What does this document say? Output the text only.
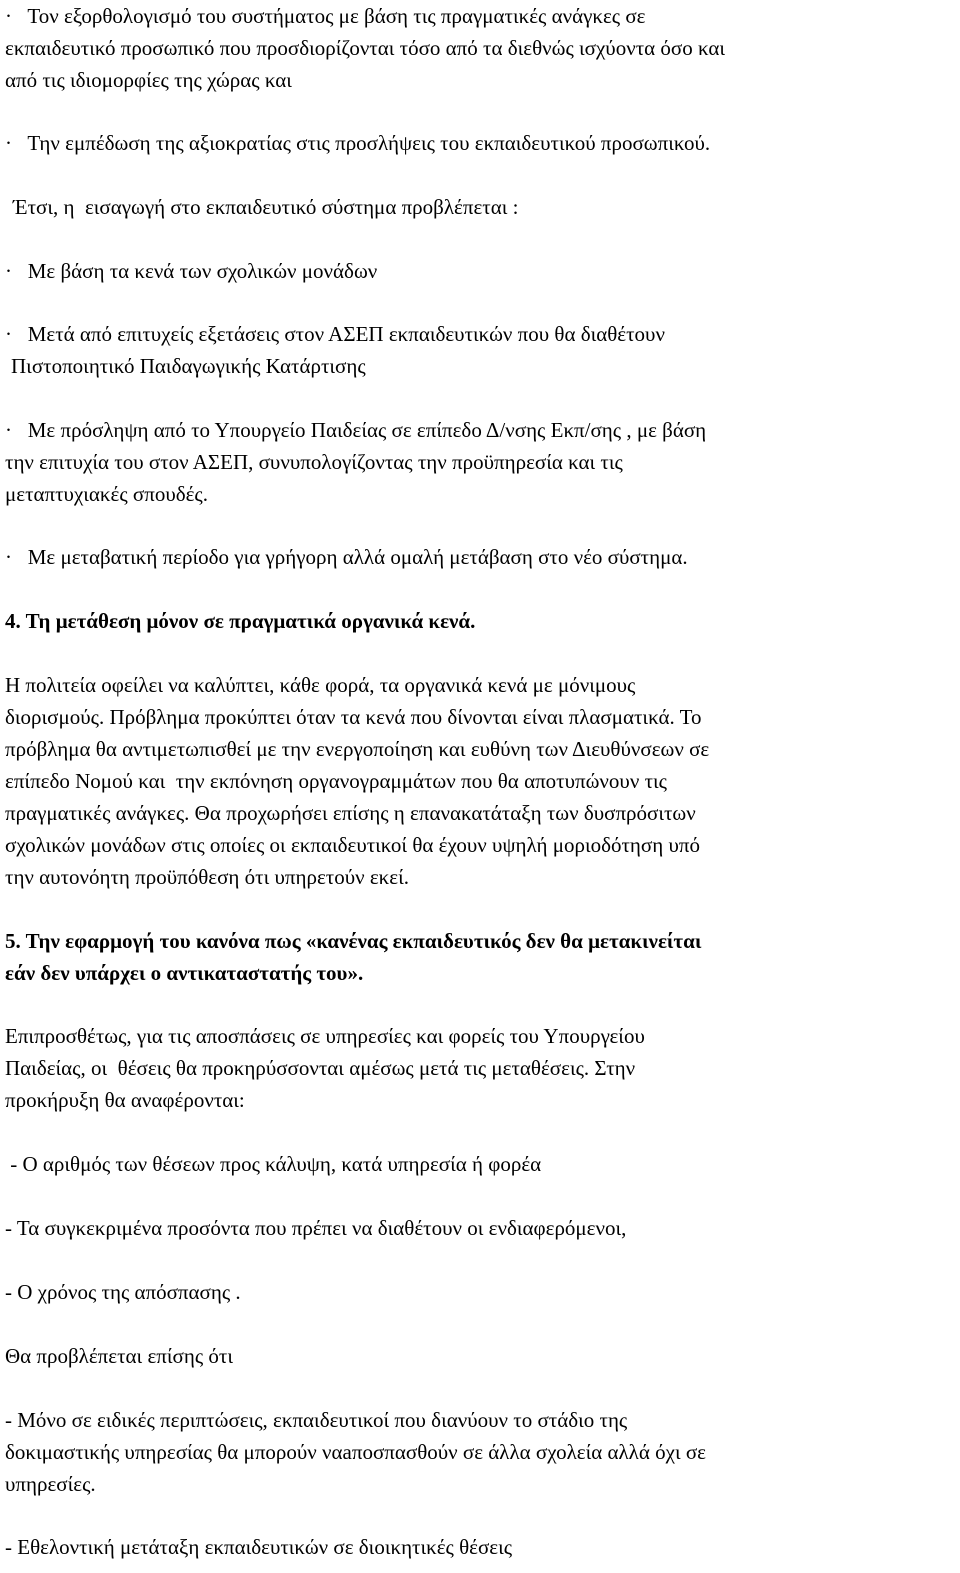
·   Τον εξορθολογισμό του συστήματος με βάση τις πραγματικές ανάγκες σε
εκπαιδευτικό προσωπικό που προσδιορίζονται τόσο από τα διεθνώς ισχύοντα όσο και
από τις ιδιομορφίες της χώρας και
·   Την εμπέδωση της αξιοκρατίας στις προσλήψεις του εκπαιδευτικού προσωπικού.
Έτσι, η  εισαγωγή στο εκπαιδευτικό σύστημα προβλέπεται :
·   Με βάση τα κενά των σχολικών μονάδων
·   Μετά από επιτυχείς εξετάσεις στον ΑΣΕΠ εκπαιδευτικών που θα διαθέτουν
Πιστοποιητικό Παιδαγωγικής Κατάρτισης
·   Με πρόσληψη από το Υπουργείο Παιδείας σε επίπεδο Δ/νσης Εκπ/σης , με βάση
την επιτυχία του στον ΑΣΕΠ, συνυπολογίζοντας την προϋπηρεσία και τις
μεταπτυχιακές σπουδές.
·   Με μεταβατική περίοδο για γρήγορη αλλά ομαλή μετάβαση στο νέο σύστημα.
4. Τη μετάθεση μόνον σε πραγματικά οργανικά κενά.
Η πολιτεία οφείλει να καλύπτει, κάθε φορά, τα οργανικά κενά με μόνιμους
διορισμούς. Πρόβλημα προκύπτει όταν τα κενά που δίνονται είναι πλασματικά. Το
πρόβλημα θα αντιμετωπισθεί με την ενεργοποίηση και ευθύνη των Διευθύνσεων σε
επίπεδο Νομού και  την εκπόνηση οργανογραμμάτων που θα αποτυπώνουν τις
πραγματικές ανάγκες. Θα προχωρήσει επίσης η επανακατάταξη των δυσπρόσιτων
σχολικών μονάδων στις οποίες οι εκπαιδευτικοί θα έχουν υψηλή μοριοδότηση υπό
την αυτονόητη προϋπόθεση ότι υπηρετούν εκεί.
5. Την εφαρμογή του κανόνα πως «κανένας εκπαιδευτικός δεν θα μετακινείται
εάν δεν υπάρχει ο αντικαταστατής του».
Επιπροσθέτως, για τις αποσπάσεις σε υπηρεσίες και φορείς του Υπουργείου
Παιδείας, οι  θέσεις θα προκηρύσσονται αμέσως μετά τις μεταθέσεις. Στην
προκήρυξη θα αναφέρονται:
- Ο αριθμός των θέσεων προς κάλυψη, κατά υπηρεσία ή φορέα
- Τα συγκεκριμένα προσόντα που πρέπει να διαθέτουν οι ενδιαφερόμενοι,
- Ο χρόνος της απόσπασης .
Θα προβλέπεται επίσης ότι
- Μόνο σε ειδικές περιπτώσεις, εκπαιδευτικοί που διανύουν το στάδιο της
δοκιμαστικής υπηρεσίας θα μπορούν ναaποσπασθούν σε άλλα σχολεία αλλά όχι σε
υπηρεσίες.
- Εθελοντική μετάταξη εκπαιδευτικών σε διοικητικές θέσεις
